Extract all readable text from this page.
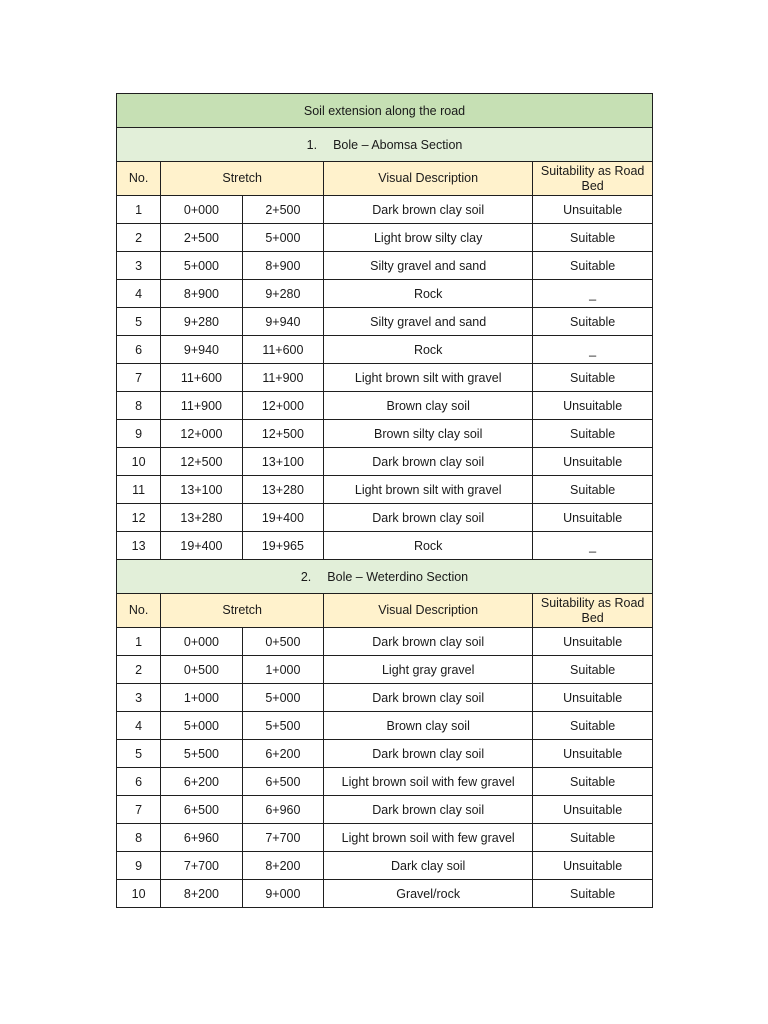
Soil extension along the road				
1. Bole – Abomsa Section				
No.	Stretch		Visual Description	Suitability as Road Bed
1	0+000	2+500	Dark brown clay soil	Unsuitable
2	2+500	5+000	Light brow silty clay	Suitable
3	5+000	8+900	Silty gravel and sand	Suitable
4	8+900	9+280	Rock	_
5	9+280	9+940	Silty gravel and sand	Suitable
6	9+940	11+600	Rock	_
7	11+600	11+900	Light brown silt with gravel	Suitable
8	11+900	12+000	Brown clay soil	Unsuitable
9	12+000	12+500	Brown silty clay soil	Suitable
10	12+500	13+100	Dark brown clay soil	Unsuitable
11	13+100	13+280	Light brown silt with gravel	Suitable
12	13+280	19+400	Dark brown clay soil	Unsuitable
13	19+400	19+965	Rock	_
2. Bole – Weterdino Section				
No.	Stretch		Visual Description	Suitability as Road Bed
1	0+000	0+500	Dark brown clay soil	Unsuitable
2	0+500	1+000	Light gray gravel	Suitable
3	1+000	5+000	Dark brown clay soil	Unsuitable
4	5+000	5+500	Brown clay soil	Suitable
5	5+500	6+200	Dark brown clay soil	Unsuitable
6	6+200	6+500	Light brown soil with few gravel	Suitable
7	6+500	6+960	Dark brown clay soil	Unsuitable
8	6+960	7+700	Light brown soil with few gravel	Suitable
9	7+700	8+200	Dark clay soil	Unsuitable
10	8+200	9+000	Gravel/rock	Suitable
